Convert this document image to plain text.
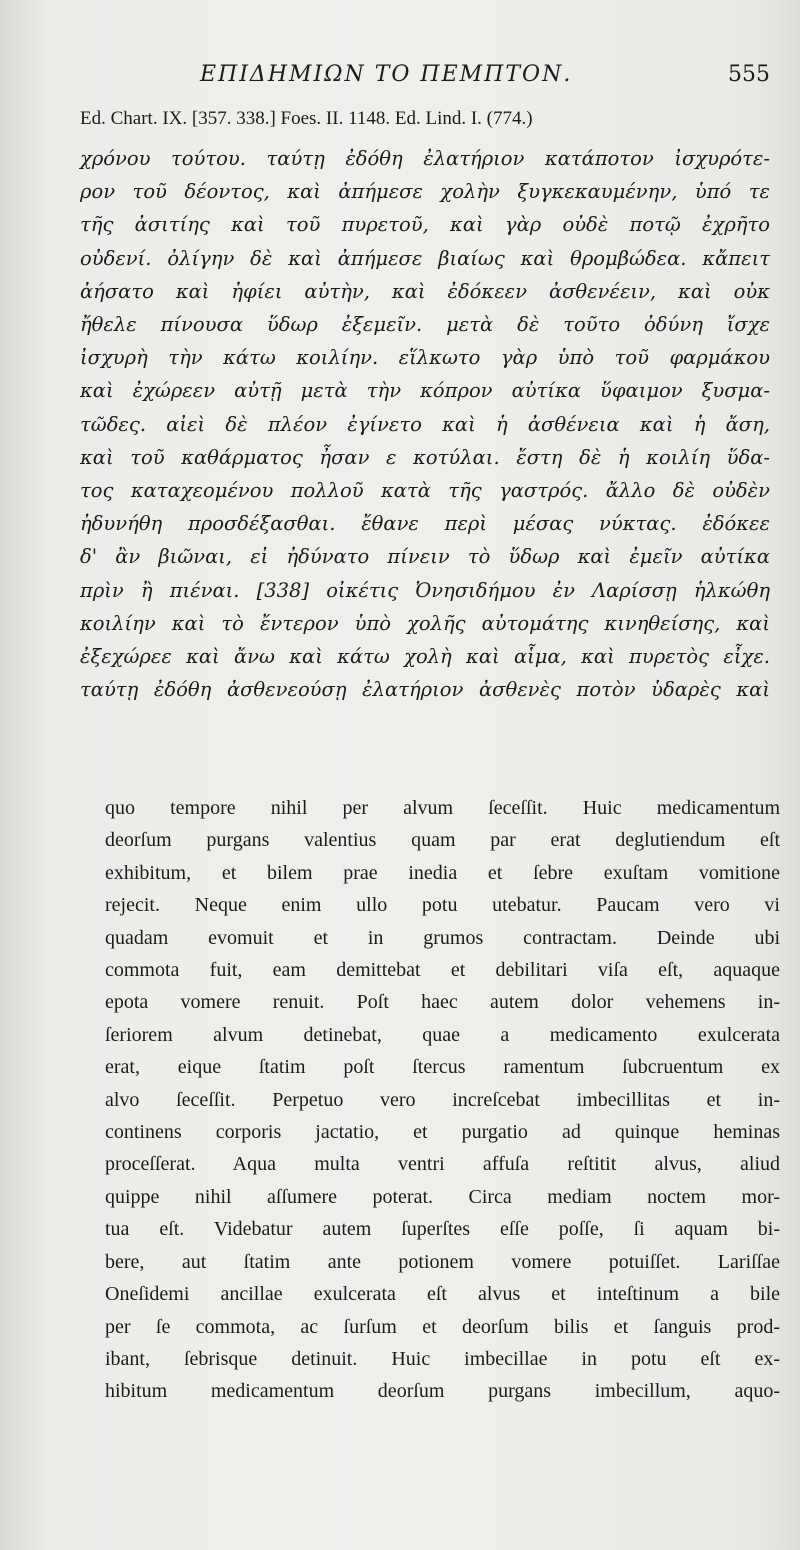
ΕΠΙΔΗΜΙΩΝ ΤΟ ΠΕΜΠΤΟΝ.	555
Ed. Chart. IX. [357. 338.] Foes. II. 1148. Ed. Lind. I. (774.)
χρόνου τούτου. ταύτῃ ἐδόθη ἐλατήριον κατάποτον ἰσχυρότε-
ρον τοῦ δέοντος, καὶ ἀπήμεσε χολὴν ξυγκεκαυμένην, ὑπό τε
τῆς ἀσιτίης καὶ τοῦ πυρετοῦ, καὶ γὰρ οὐδὲ ποτῷ ἐχρῆτο
οὐδενί. ὀλίγην δὲ καὶ ἀπήμεσε βιαίως καὶ θρομβώδεα. κἄπειτ
ἀήσατο καὶ ἠφίει αὐτὴν, καὶ ἐδόκεεν ἀσθενέειν, καὶ οὐκ
ἤθελε πίνουσα ὕδωρ ἐξεμεῖν. μετὰ δὲ τοῦτο ὀδύνη ἴσχε
ἰσχυρὴ τὴν κάτω κοιλίην. εἵλκωτο γὰρ ὑπὸ τοῦ φαρμάκου
καὶ ἐχώρεεν αὐτῇ μετὰ τὴν κόπρον αὐτίκα ὕφαιμον ξυσμα-
τῶδες. αἰεὶ δὲ πλέον ἐγίνετο καὶ ἡ ἀσθένεια καὶ ἡ ἄση,
καὶ τοῦ καθάρματος ἦσαν ε κοτύλαι. ἔστη δὲ ἡ κοιλίη ὕδα-
τος καταχεομένου πολλοῦ κατὰ τῆς γαστρός. ἄλλο δὲ οὐδὲν
ἠδυνήθη προσδέξασθαι. ἔθανε περὶ μέσας νύκτας. ἐδόκεε
δ' ἂν βιῶναι, εἰ ἠδύνατο πίνειν τὸ ὕδωρ καὶ ἐμεῖν αὐτίκα
πρὶν ἢ πιέναι. [338] οἰκέτις Ὀνησιδήμου ἐν Λαρίσσῃ ἡλκώθη
κοιλίην καὶ τὸ ἔντερον ὑπὸ χολῆς αὐτομάτης κινηθείσης, καὶ
ἐξεχώρεε καὶ ἄνω καὶ κάτω χολὴ καὶ αἷμα, καὶ πυρετὸς εἶχε.
ταύτῃ ἐδόθη ἀσθενεούσῃ ἐλατήριον ἀσθενὲς ποτὸν ὑδαρὲς καὶ
quo tempore nihil per alvum ſeceſſit. Huic medicamentum
deorſum purgans valentius quam par erat deglutiendum eſt
exhibitum, et bilem prae inedia et ſebre exuſtam vomitione
rejecit. Neque enim ullo potu utebatur. Paucam vero vi
quadam evomuit et in grumos contractam. Deinde ubi
commota fuit, eam demittebat et debilitari viſa eſt, aquaque
epota vomere renuit. Poſt haec autem dolor vehemens in-
ſeriorem alvum detinebat, quae a medicamento exulcerata
erat, eique ſtatim poſt ſtercus ramentum ſubcruentum ex
alvo ſeceſſit. Perpetuo vero increſcebat imbecillitas et in-
continens corporis jactatio, et purgatio ad quinque heminas
proceſſerat. Aqua multa ventri affuſa reſtitit alvus, aliud
quippe nihil aſſumere poterat. Circa mediam noctem mor-
tua eſt. Videbatur autem ſuperſtes eſſe poſſe, ſi aquam bi-
bere, aut ſtatim ante potionem vomere potuiſſet. Lariſſae
Oneſidemi ancillae exulcerata eſt alvus et inteſtinum a bile
per ſe commota, ac ſurſum et deorſum bilis et ſanguis prod-
ibant, ſebrisque detinuit. Huic imbecillae in potu eſt ex-
hibitum medicamentum deorſum purgans imbecillum, aquo-
